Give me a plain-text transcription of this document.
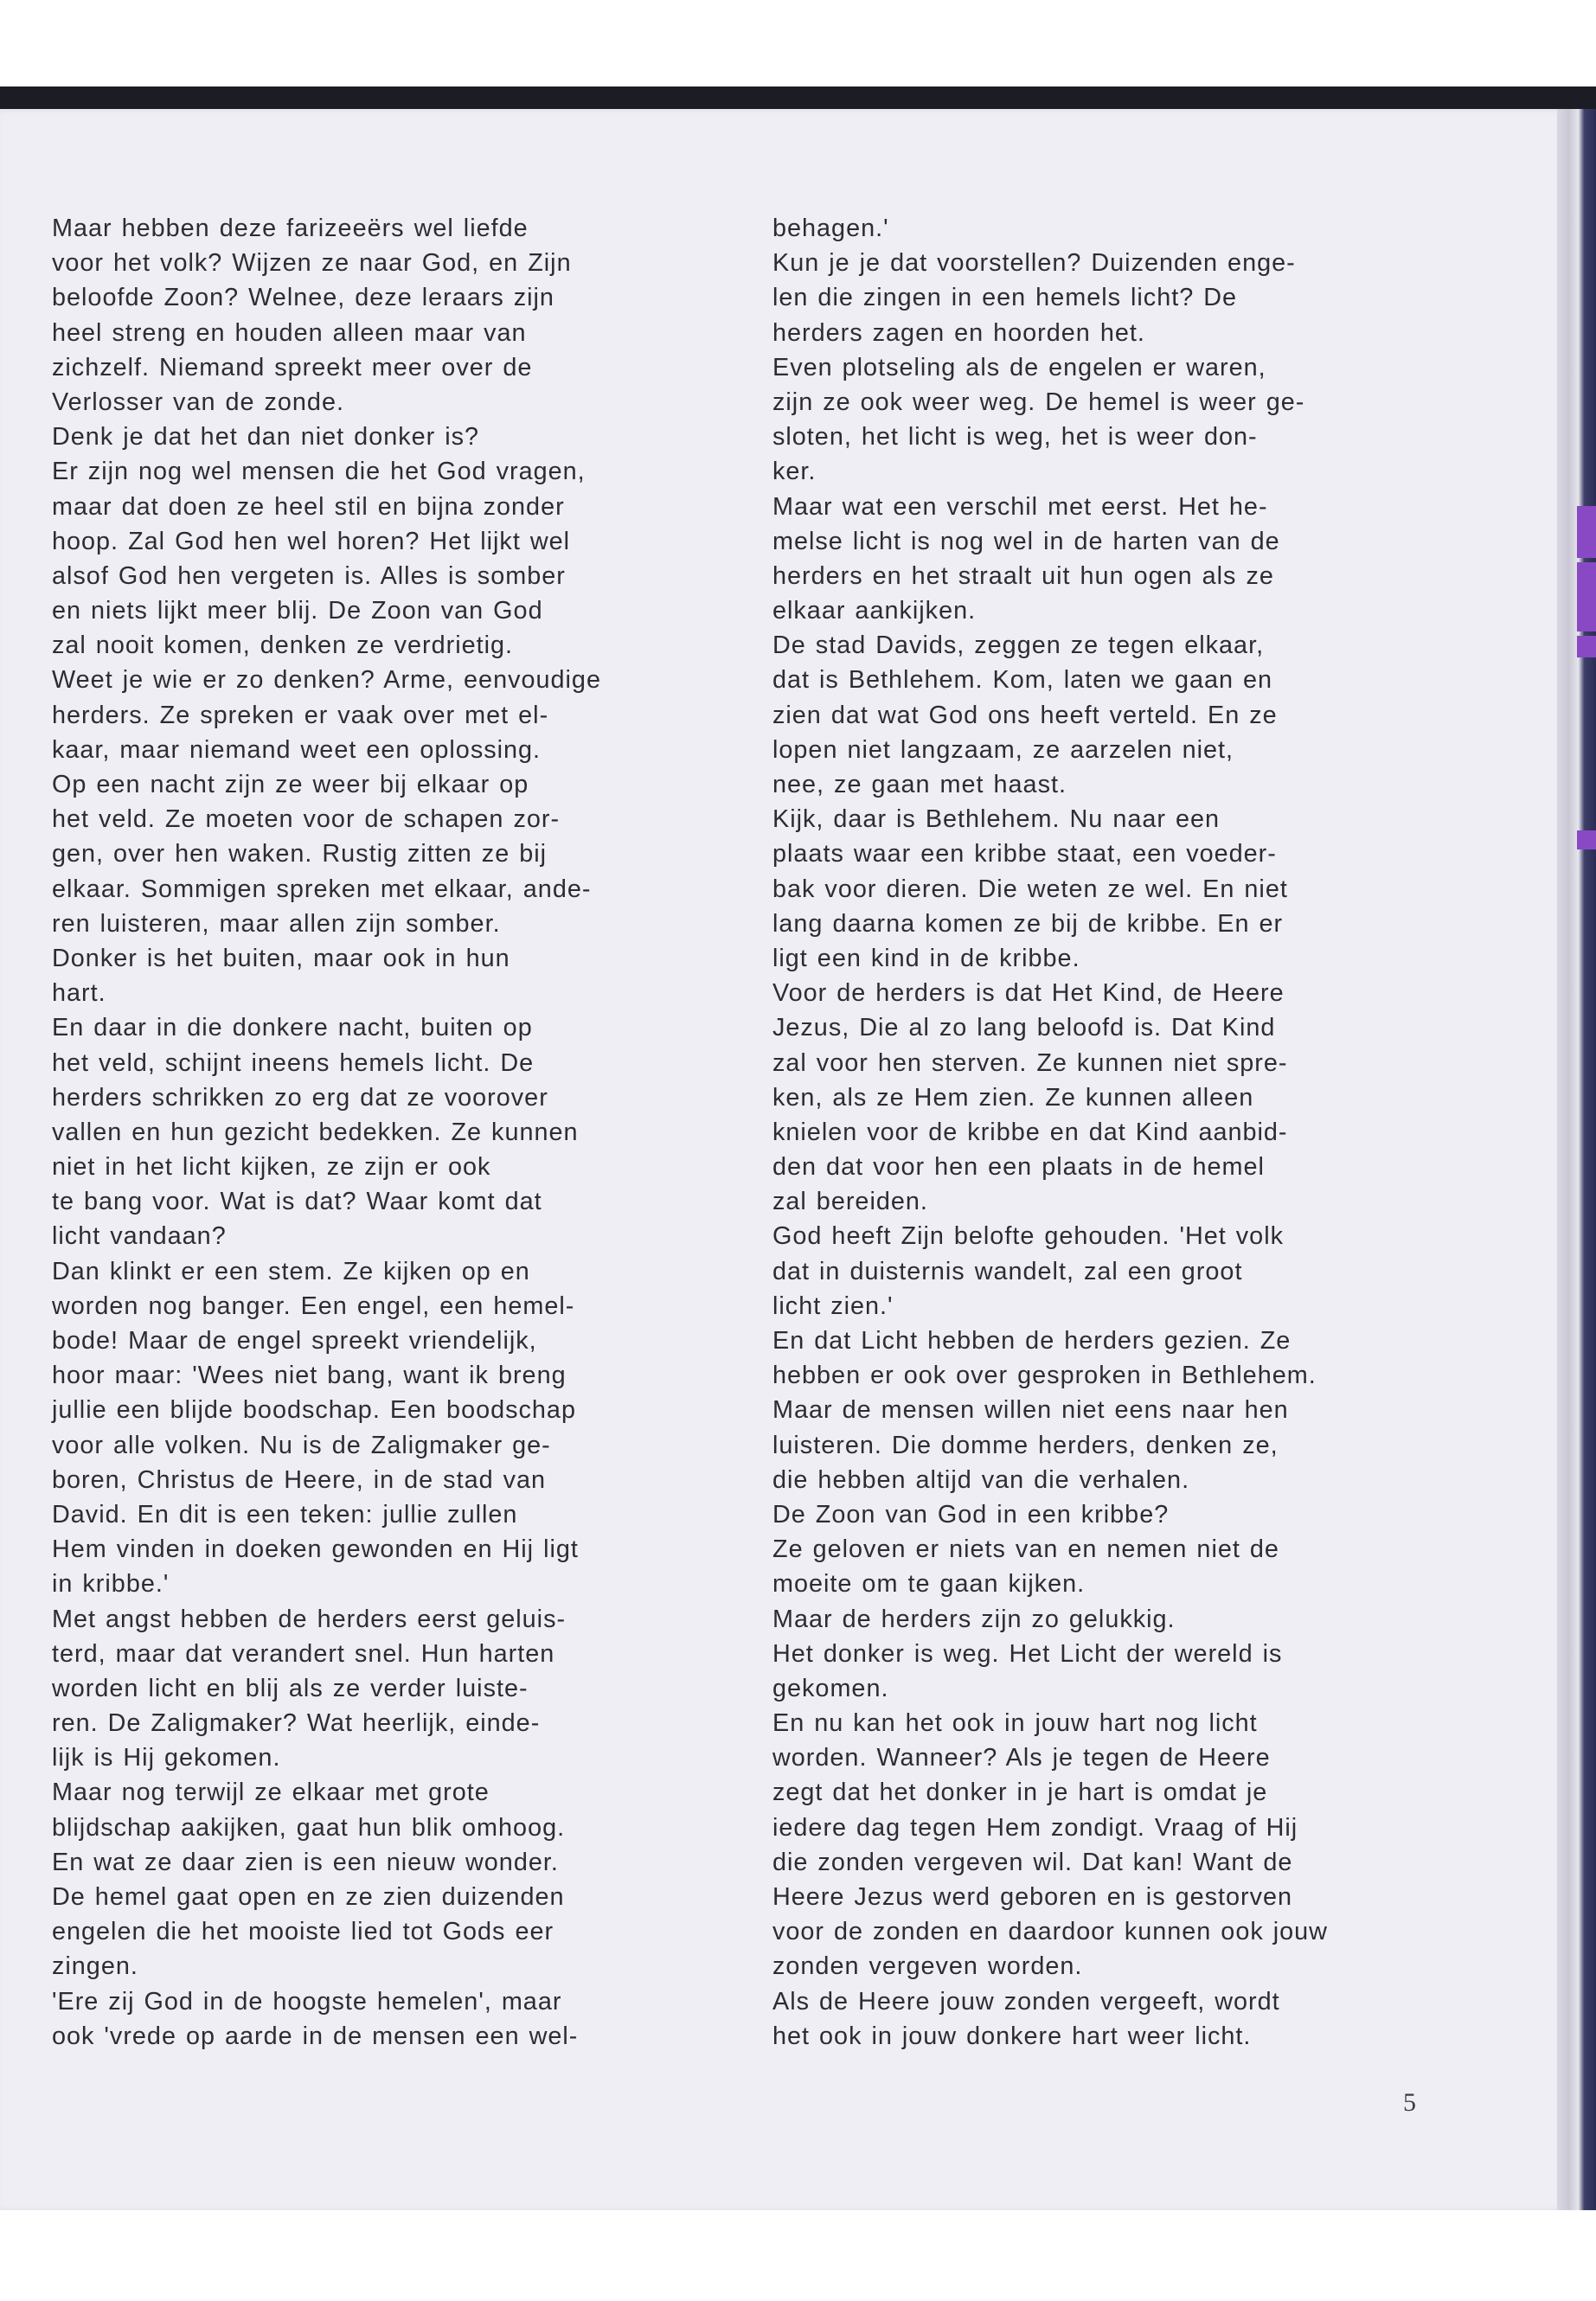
Maar hebben deze farizeeërs wel liefde
voor het volk? Wijzen ze naar God, en Zijn
beloofde Zoon? Welnee, deze leraars zijn
heel streng en houden alleen maar van
zichzelf. Niemand spreekt meer over de
Verlosser van de zonde.
Denk je dat het dan niet donker is?
Er zijn nog wel mensen die het God vragen,
maar dat doen ze heel stil en bijna zonder
hoop. Zal God hen wel horen? Het lijkt wel
alsof God hen vergeten is. Alles is somber
en niets lijkt meer blij. De Zoon van God
zal nooit komen, denken ze verdrietig.
Weet je wie er zo denken? Arme, eenvoudige
herders. Ze spreken er vaak over met el-
kaar, maar niemand weet een oplossing.
Op een nacht zijn ze weer bij elkaar op
het veld. Ze moeten voor de schapen zor-
gen, over hen waken. Rustig zitten ze bij
elkaar. Sommigen spreken met elkaar, ande-
ren luisteren, maar allen zijn somber.
Donker is het buiten, maar ook in hun
hart.
En daar in die donkere nacht, buiten op
het veld, schijnt ineens hemels licht. De
herders schrikken zo erg dat ze voorover
vallen en hun gezicht bedekken. Ze kunnen
niet in het licht kijken, ze zijn er ook
te bang voor. Wat is dat? Waar komt dat
licht vandaan?
Dan klinkt er een stem. Ze kijken op en
worden nog banger. Een engel, een hemel-
bode! Maar de engel spreekt vriendelijk,
hoor maar: 'Wees niet bang, want ik breng
jullie een blijde boodschap. Een boodschap
voor alle volken. Nu is de Zaligmaker ge-
boren, Christus de Heere, in de stad van
David. En dit is een teken: jullie zullen
Hem vinden in doeken gewonden en Hij ligt
in kribbe.'
Met angst hebben de herders eerst geluis-
terd, maar dat verandert snel. Hun harten
worden licht en blij als ze verder luiste-
ren. De Zaligmaker? Wat heerlijk, einde-
lijk is Hij gekomen.
Maar nog terwijl ze elkaar met grote
blijdschap aakijken, gaat hun blik omhoog.
En wat ze daar zien is een nieuw wonder.
De hemel gaat open en ze zien duizenden
engelen die het mooiste lied tot Gods eer
zingen.
'Ere zij God in de hoogste hemelen', maar
ook 'vrede op aarde in de mensen een wel-
behagen.'
Kun je je dat voorstellen? Duizenden enge-
len die zingen in een hemels licht? De
herders zagen en hoorden het.
Even plotseling als de engelen er waren,
zijn ze ook weer weg. De hemel is weer ge-
sloten, het licht is weg, het is weer don-
ker.
Maar wat een verschil met eerst. Het he-
melse licht is nog wel in de harten van de
herders en het straalt uit hun ogen als ze
elkaar aankijken.
De stad Davids, zeggen ze tegen elkaar,
dat is Bethlehem. Kom, laten we gaan en
zien dat wat God ons heeft verteld. En ze
lopen niet langzaam, ze aarzelen niet,
nee, ze gaan met haast.
Kijk, daar is Bethlehem. Nu naar een
plaats waar een kribbe staat, een voeder-
bak voor dieren. Die weten ze wel. En niet
lang daarna komen ze bij de kribbe. En er
ligt een kind in de kribbe.
Voor de herders is dat Het Kind, de Heere
Jezus, Die al zo lang beloofd is. Dat Kind
zal voor hen sterven. Ze kunnen niet spre-
ken, als ze Hem zien. Ze kunnen alleen
knielen voor de kribbe en dat Kind aanbid-
den dat voor hen een plaats in de hemel
zal bereiden.
God heeft Zijn belofte gehouden. 'Het volk
dat in duisternis wandelt, zal een groot
licht zien.'
En dat Licht hebben de herders gezien. Ze
hebben er ook over gesproken in Bethlehem.
Maar de mensen willen niet eens naar hen
luisteren. Die domme herders, denken ze,
die hebben altijd van die verhalen.
De Zoon van God in een kribbe?
Ze geloven er niets van en nemen niet de
moeite om te gaan kijken.
Maar de herders zijn zo gelukkig.
Het donker is weg. Het Licht der wereld is
gekomen.
En nu kan het ook in jouw hart nog licht
worden. Wanneer? Als je tegen de Heere
zegt dat het donker in je hart is omdat je
iedere dag tegen Hem zondigt. Vraag of Hij
die zonden vergeven wil. Dat kan! Want de
Heere Jezus werd geboren en is gestorven
voor de zonden en daardoor kunnen ook jouw
zonden vergeven worden.
Als de Heere jouw zonden vergeeft, wordt
het ook in jouw donkere hart weer licht.
5
